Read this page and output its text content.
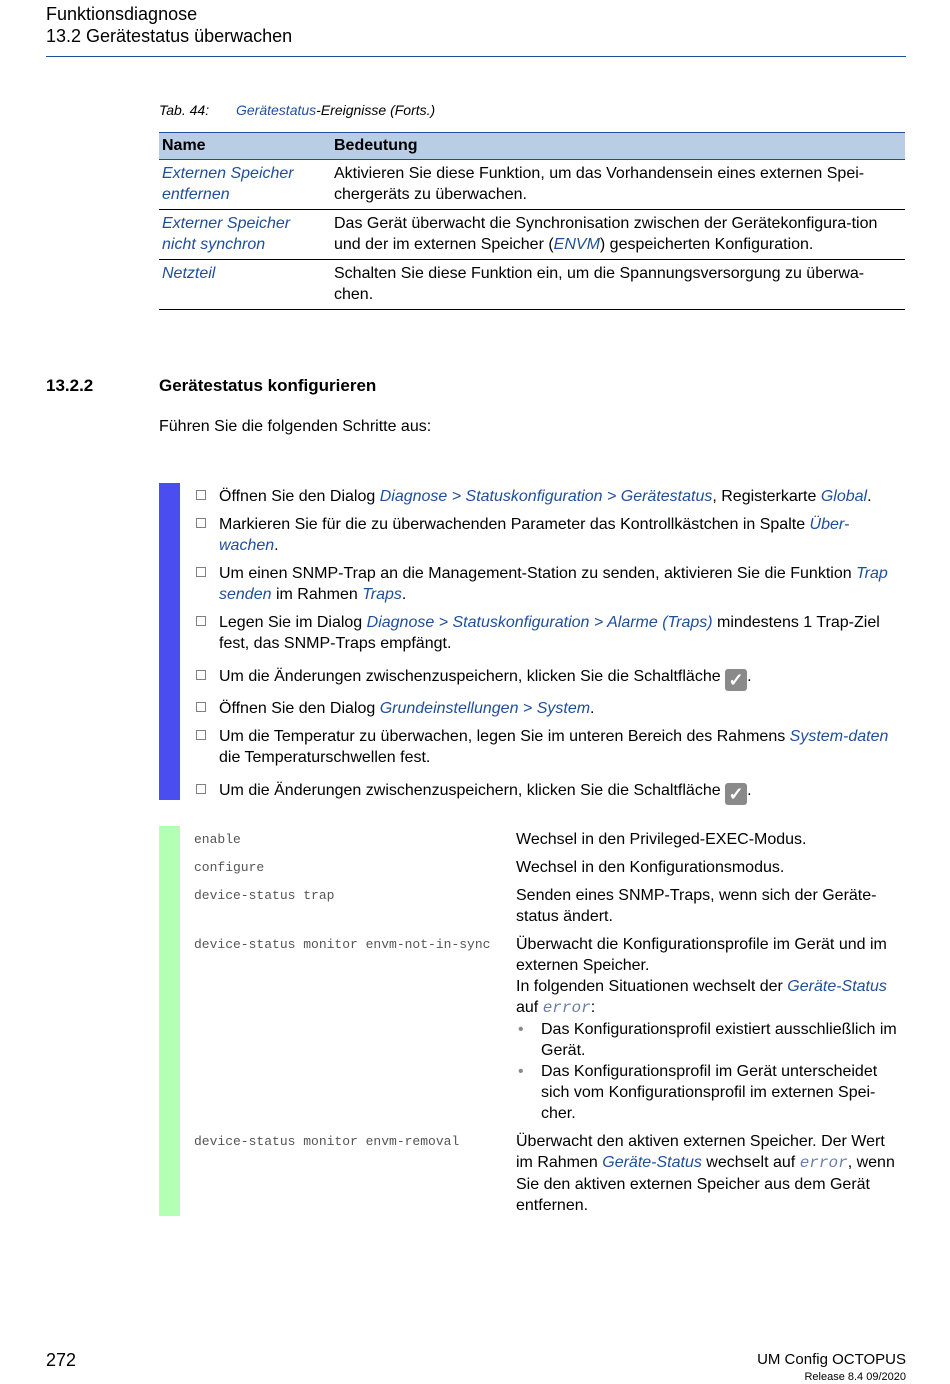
Funktionsdiagnose
13.2 Gerätestatus überwachen
Tab. 44: Gerätestatus-Ereignisse (Forts.)
Name	Bedeutung
Externen Speicher entfernen	Aktivieren Sie diese Funktion, um das Vorhandensein eines externen Spei-chergeräts zu überwachen.
Externer Speicher nicht synchron	Das Gerät überwacht die Synchronisation zwischen der Gerätekonfigura-tion und der im externen Speicher (ENVM) gespeicherten Konfiguration.
Netzteil	Schalten Sie diese Funktion ein, um die Spannungsversorgung zu überwa-chen.
13.2.2	Gerätestatus konfigurieren
Führen Sie die folgenden Schritte aus:
Öffnen Sie den Dialog Diagnose > Statuskonfiguration > Gerätestatus, Registerkarte Global.
Markieren Sie für die zu überwachenden Parameter das Kontrollkästchen in Spalte Über-wachen.
Um einen SNMP-Trap an die Management-Station zu senden, aktivieren Sie die Funktion Trap senden im Rahmen Traps.
Legen Sie im Dialog Diagnose > Statuskonfiguration > Alarme (Traps) mindestens 1 Trap-Ziel fest, das SNMP-Traps empfängt.
Um die Änderungen zwischenzuspeichern, klicken Sie die Schaltfläche ✓ .
Öffnen Sie den Dialog Grundeinstellungen > System.
Um die Temperatur zu überwachen, legen Sie im unteren Bereich des Rahmens System-daten die Temperaturschwellen fest.
Um die Änderungen zwischenzuspeichern, klicken Sie die Schaltfläche ✓ .
enable	Wechsel in den Privileged-EXEC-Modus.
configure	Wechsel in den Konfigurationsmodus.
device-status trap	Senden eines SNMP-Traps, wenn sich der Geräte-status ändert.
device-status monitor envm-not-in-sync	Überwacht die Konfigurationsprofile im Gerät und im externen Speicher.
In folgenden Situationen wechselt der Geräte-Status auf error:
• Das Konfigurationsprofil existiert ausschließlich im Gerät.
• Das Konfigurationsprofil im Gerät unterscheidet sich vom Konfigurationsprofil im externen Spei-cher.
device-status monitor envm-removal	Überwacht den aktiven externen Speicher. Der Wert im Rahmen Geräte-Status wechselt auf error, wenn Sie den aktiven externen Speicher aus dem Gerät entfernen.
272	UM Config OCTOPUS
Release 8.4 09/2020
